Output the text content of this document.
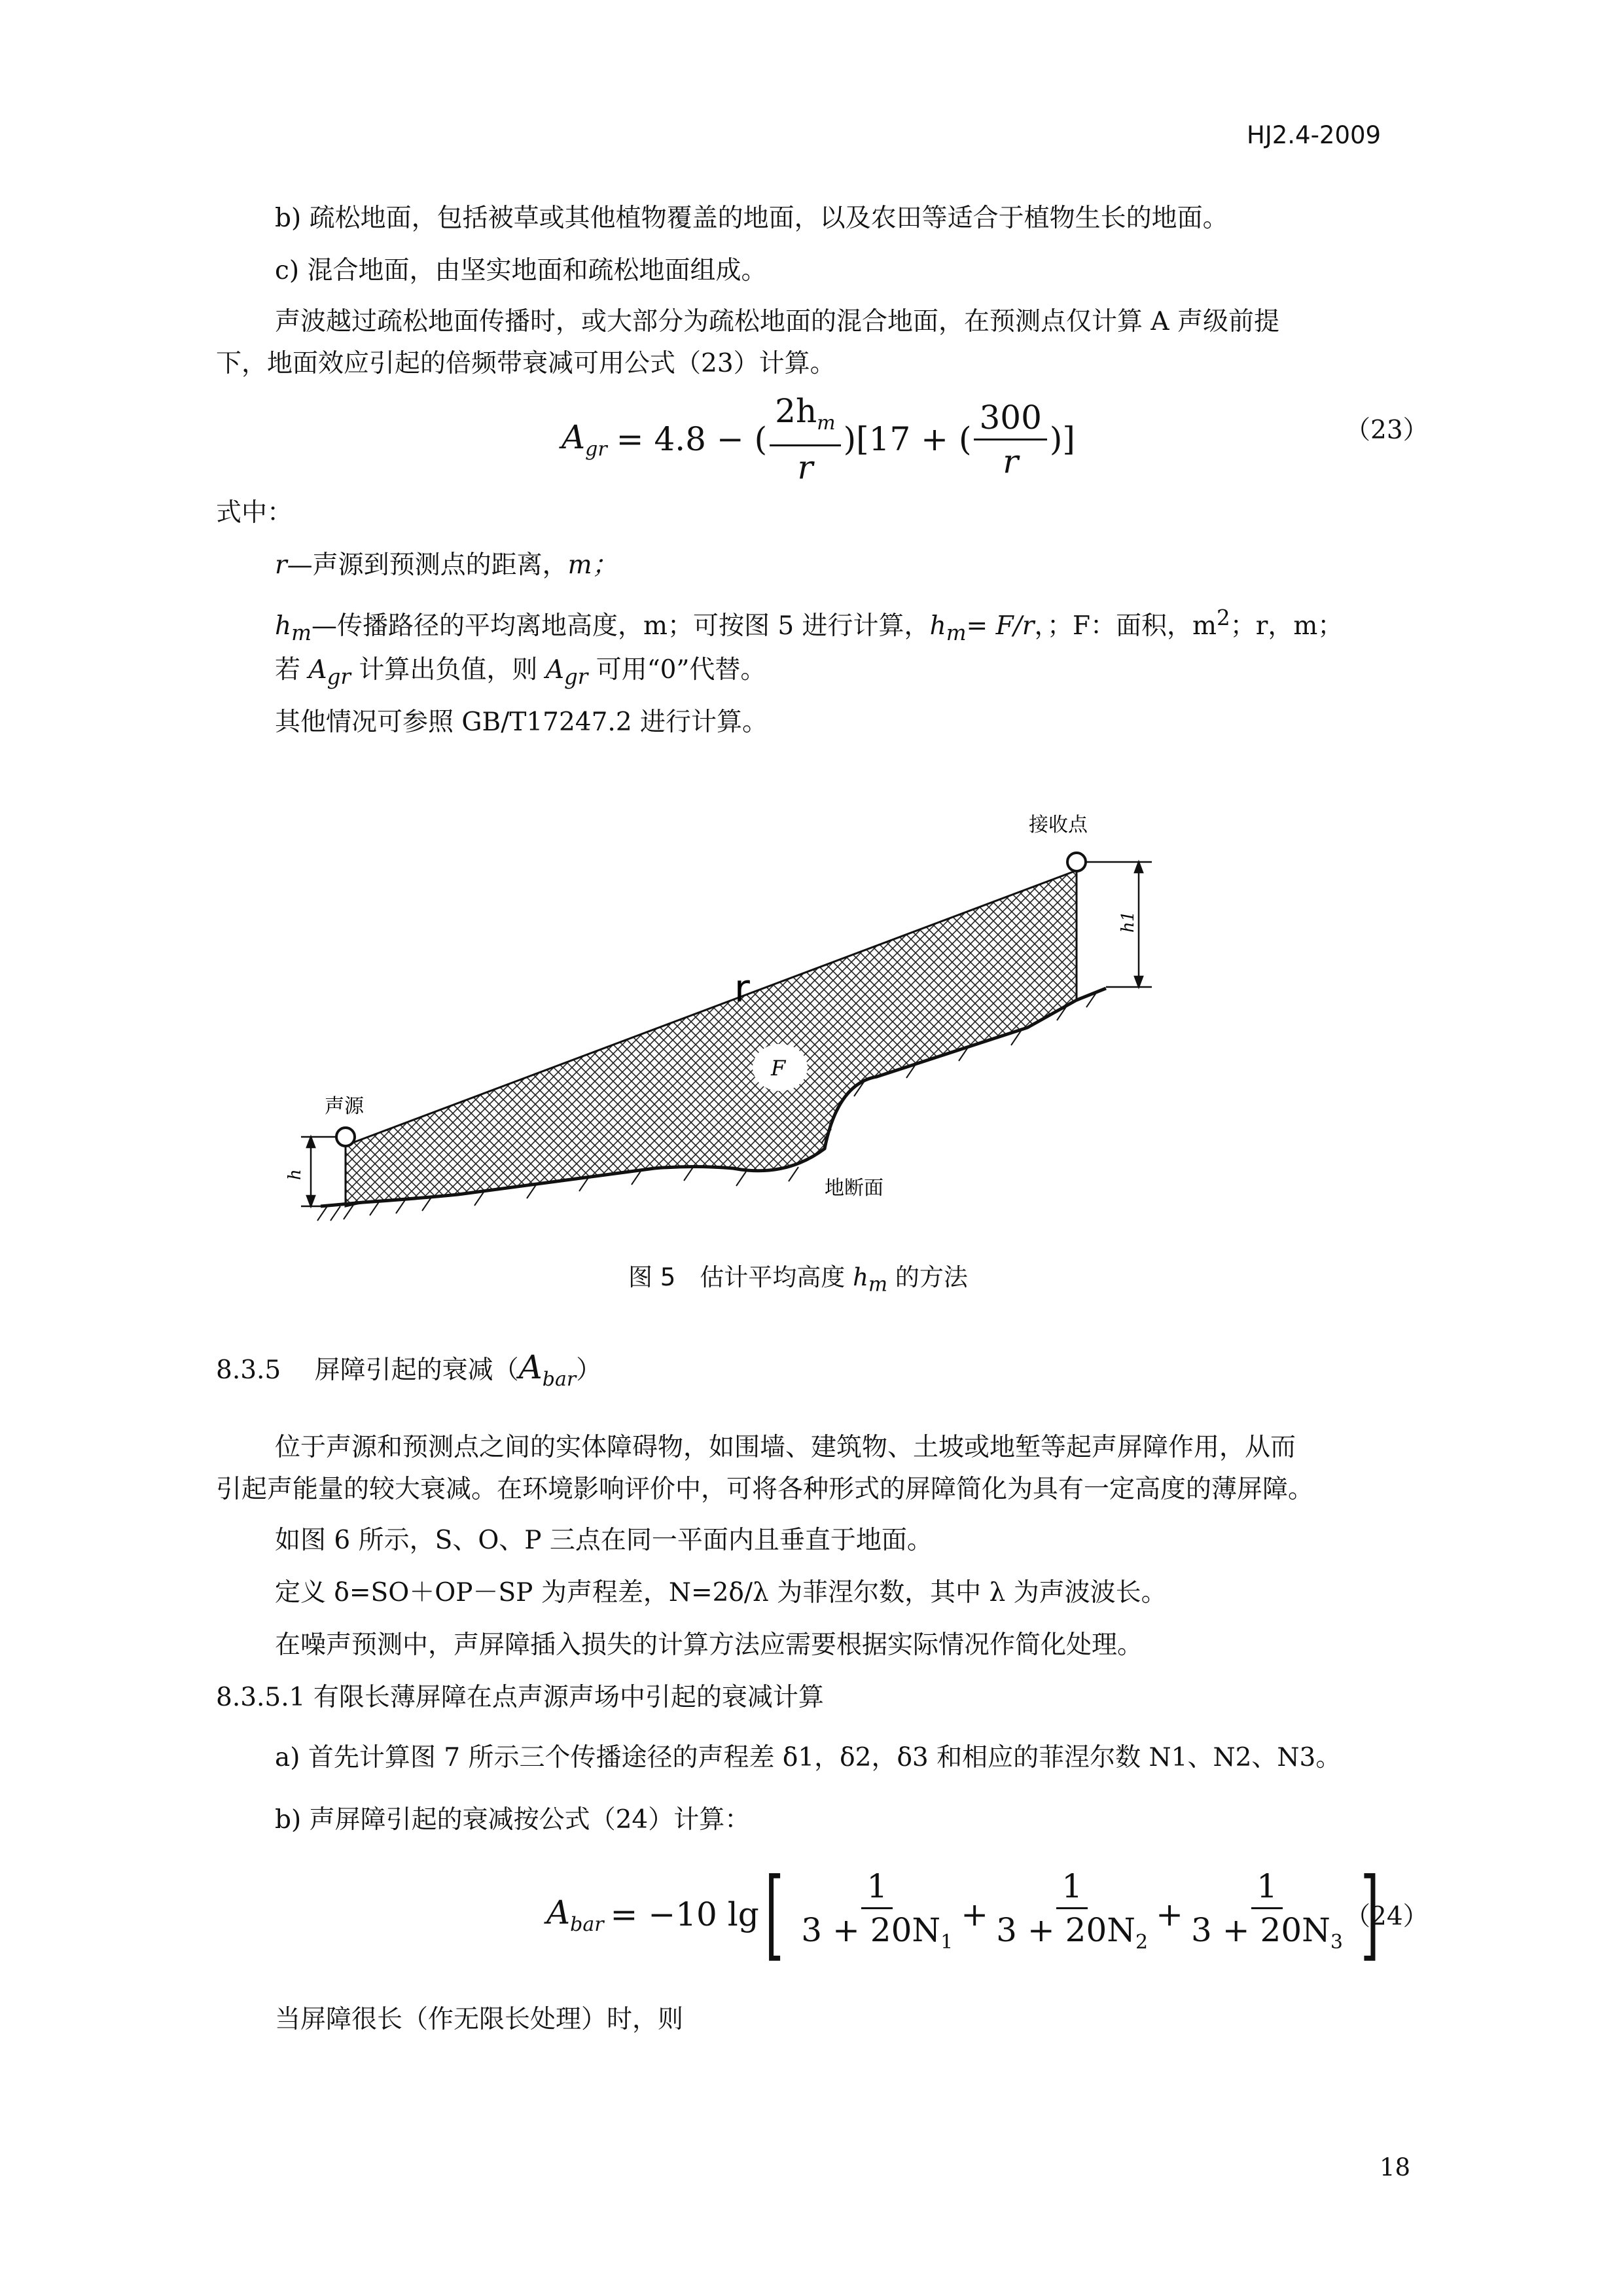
HJ2.4-2009
b) 疏松地面，包括被草或其他植物覆盖的地面，以及农田等适合于植物生长的地面。
c) 混合地面，由坚实地面和疏松地面组成。
声波越过疏松地面传播时，或大部分为疏松地面的混合地面，在预测点仅计算 A 声级前提
下，地面效应引起的倍频带衰减可用公式（23）计算。
$A_{gr} = 4.8$ − ( $\frac{2h_m}{r} )[17$ + ( $\frac{300}{r}$ )]	（23）
式中：
r—声源到预测点的距离，m；
$h_m—$传播路径的平均离地高度，m；可按图 5 进行计算，$h_m= F/r$，；F：面积，$m^2$；r，m；
若 $A_{gr}$ 计算出负值，则 $A_{gr}$ 可用“0”代替。
其他情况可参照 GB/T17247.2 进行计算。
接收点
声源
地断面
r
F
h1
h
图 5　估计平均高度 $h_m$ 的方法
8.3.5　 屏障引起的衰减$(A_{bar})$
位于声源和预测点之间的实体障碍物，如围墙、建筑物、土坡或地堑等起声屏障作用，从而
引起声能量的较大衰减。在环境影响评价中，可将各种形式的屏障简化为具有一定高度的薄屏障。
如图 6 所示，S、O、P 三点在同一平面内且垂直于地面。
定义 δ=SO＋OP－SP 为声程差，N=2δ/λ 为菲涅尔数，其中 λ 为声波波长。
在噪声预测中，声屏障插入损失的计算方法应需要根据实际情况作简化处理。
8.3.5.1 有限长薄屏障在点声源声场中引起的衰减计算
a) 首先计算图 7 所示三个传播途径的声程差 δ1，δ2，δ3 和相应的菲涅尔数 N1、N2、N3。
b) 声屏障引起的衰减按公式（24）计算：
$A_{bar} = -10$ lg [ $\frac{1}{3 + 20N_1} + \frac{1}{3 + 20N_2} + \frac{1}{3 + 20N_3}$ ]
（24）
当屏障很长（作无限长处理）时，则
18
